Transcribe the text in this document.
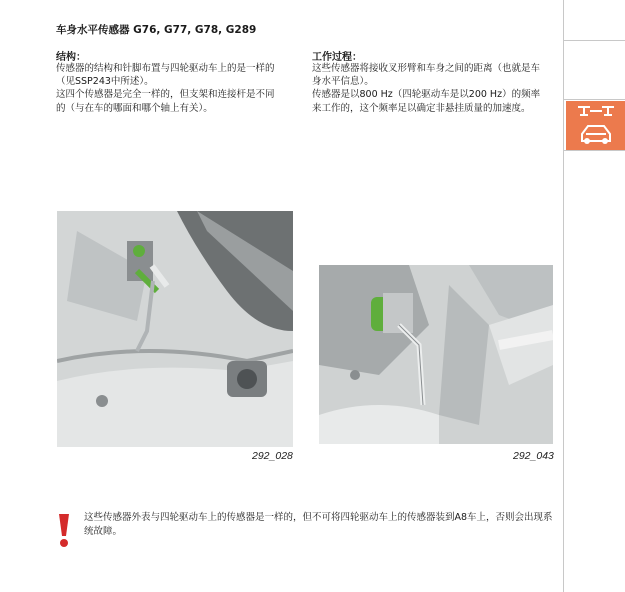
车身水平传感器 G76, G77, G78, G289
结构：

传感器的结构和针脚布置与四轮驱动车上的是一样的（见SSP243中所述）。

这四个传感器是完全一样的，但支架和连接杆是不同的（与在车的哪面和哪个轴上有关）。

工作过程：

这些传感器将接收叉形臂和车身之间的距离（也就是车身水平信息）。

传感器是以800 Hz（四轮驱动车是以200 Hz）的频率来工作的，这个频率足以确定非悬挂质量的加速度。

292_028	292_043

这些传感器外表与四轮驱动车上的传感器是一样的，但不可将四轮驱动车上的传感器装到A8车上，否则会出现系统故障。
